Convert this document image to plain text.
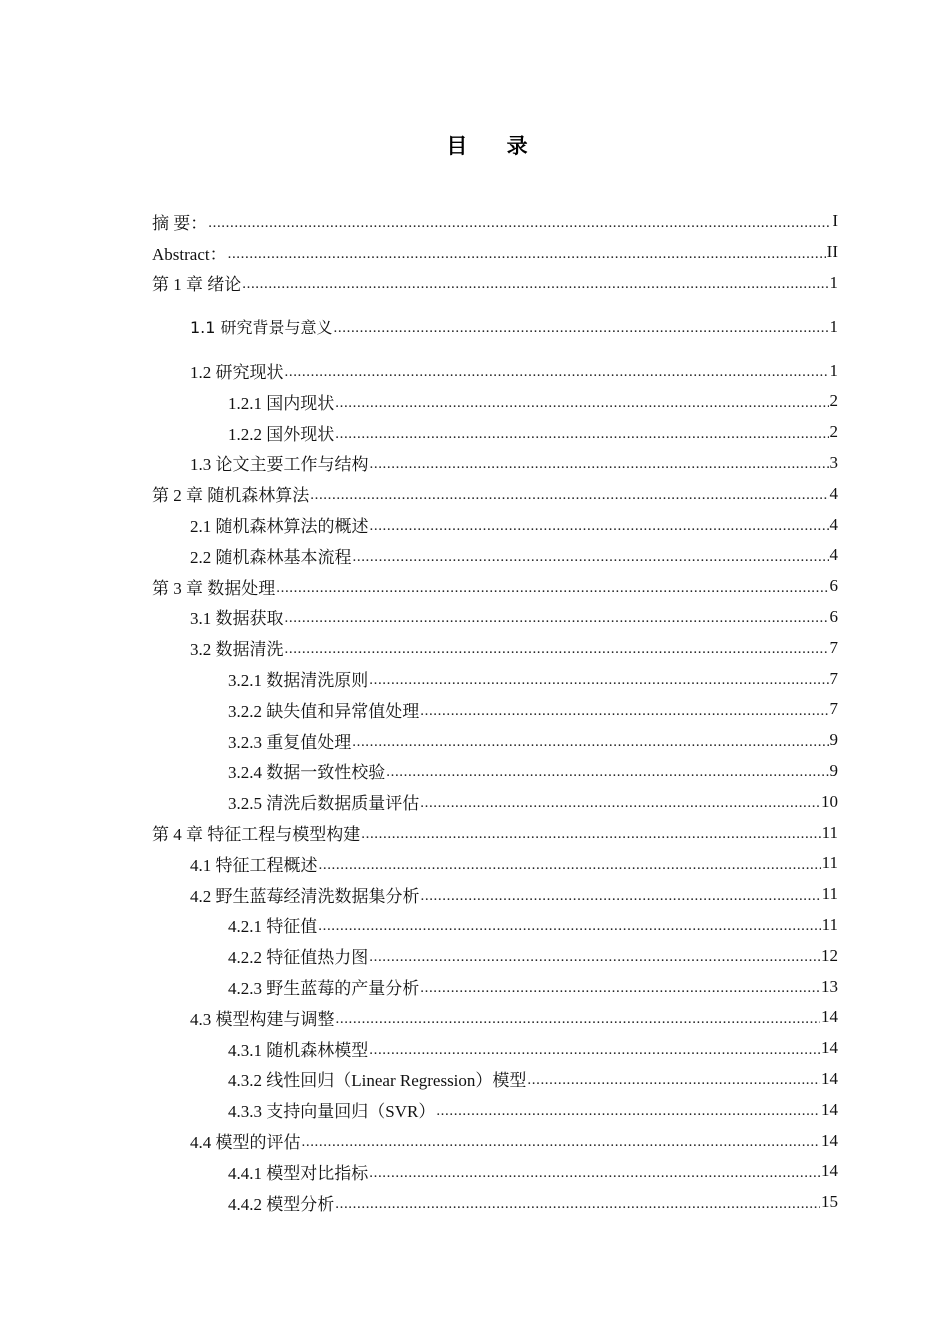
目 录
摘 要： .....	I
Abstract： .....	II
第 1 章 绪论 .....	1
1.1 研究背景与意义 .....	1
1.2 研究现状 .....	1
1.2.1 国内现状 .....	2
1.2.2 国外现状 .....	2
1.3 论文主要工作与结构 .....	3
第 2 章 随机森林算法 .....	4
2.1 随机森林算法的概述 .....	4
2.2 随机森林基本流程 .....	4
第 3 章 数据处理 .....	6
3.1 数据获取 .....	6
3.2 数据清洗 .....	7
3.2.1 数据清洗原则 .....	7
3.2.2 缺失值和异常值处理 .....	7
3.2.3 重复值处理 .....	9
3.2.4 数据一致性校验 .....	9
3.2.5 清洗后数据质量评估 .....	10
第 4 章 特征工程与模型构建 .....	11
4.1 特征工程概述 .....	11
4.2 野生蓝莓经清洗数据集分析 .....	11
4.2.1 特征值 .....	11
4.2.2 特征值热力图 .....	12
4.2.3 野生蓝莓的产量分析 .....	13
4.3 模型构建与调整 .....	14
4.3.1 随机森林模型 .....	14
4.3.2 线性回归（Linear Regression）模型 .....	14
4.3.3 支持向量回归（SVR） .....	14
4.4 模型的评估 .....	14
4.4.1 模型对比指标 .....	14
4.4.2 模型分析 .....	15
